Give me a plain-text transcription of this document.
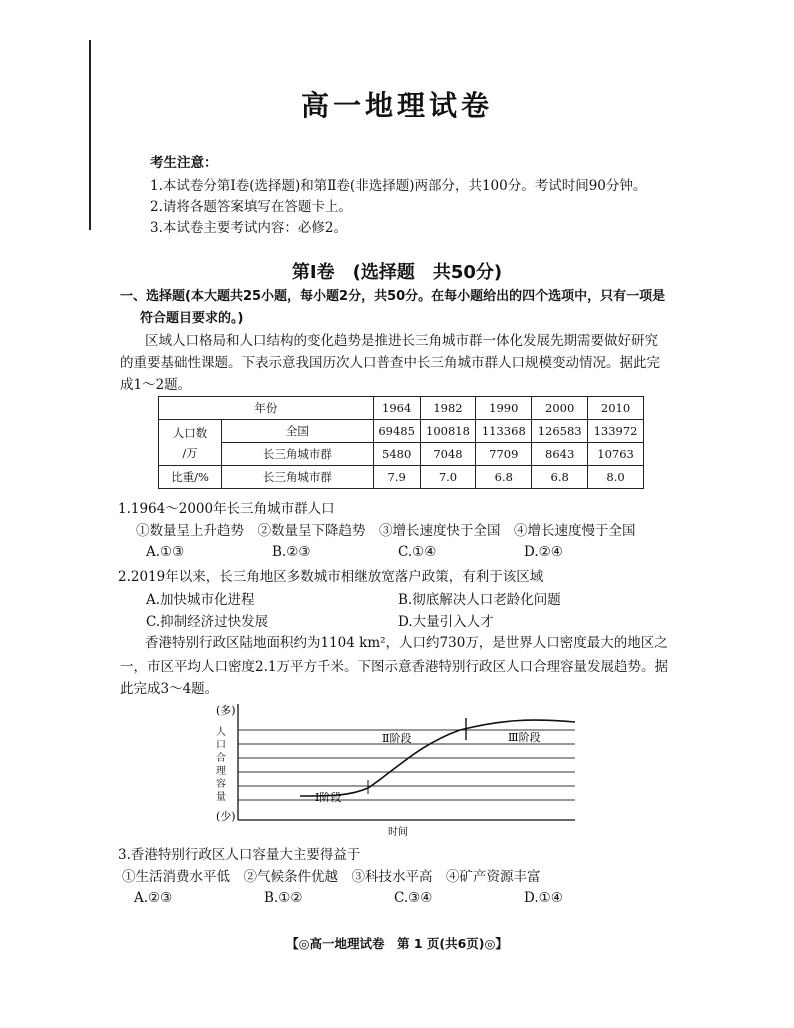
高一地理试卷
考生注意：
1.本试卷分第Ⅰ卷(选择题)和第Ⅱ卷(非选择题)两部分，共100分。考试时间90分钟。
2.请将各题答案填写在答题卡上。
3.本试卷主要考试内容：必修2。
第Ⅰ卷　(选择题　共50分)
一、选择题(本大题共25小题，每小题2分，共50分。在每小题给出的四个选项中，只有一项是
符合题目要求的。)
区域人口格局和人口结构的变化趋势是推进长三角城市群一体化发展先期需要做好研究
的重要基础性课题。下表示意我国历次人口普查中长三角城市群人口规模变动情况。据此完
成1～2题。
年份		1964	1982	1990	2000	2010
人口数
/万	全国	69485	100818	113368	126583	133972
	长三角城市群	5480	7048	7709	8643	10763
比重/%	长三角城市群	7.9	7.0	6.8	6.8	8.0
1.1964～2000年长三角城市群人口
①数量呈上升趋势　②数量呈下降趋势　③增长速度快于全国　④增长速度慢于全国
A.①③	B.②③	C.①④	D.②④
2.2019年以来，长三角地区多数城市相继放宽落户政策，有利于该区域
A.加快城市化进程	B.彻底解决人口老龄化问题
C.抑制经济过快发展	D.大量引入人才
香港特别行政区陆地面积约为1104 km²，人口约730万，是世界人口密度最大的地区之
一，市区平均人口密度2.1万平方千米。下图示意香港特别行政区人口合理容量发展趋势。据
此完成3～4题。
(多)
(少)
人口合理容量	Ⅰ阶段
Ⅱ阶段	Ⅲ阶段
时间
3.香港特别行政区人口容量大主要得益于
①生活消费水平低　②气候条件优越　③科技水平高　④矿产资源丰富
A.②③	B.①②	C.③④	D.①④
【◎高一地理试卷　第 1 页(共6页)◎】
